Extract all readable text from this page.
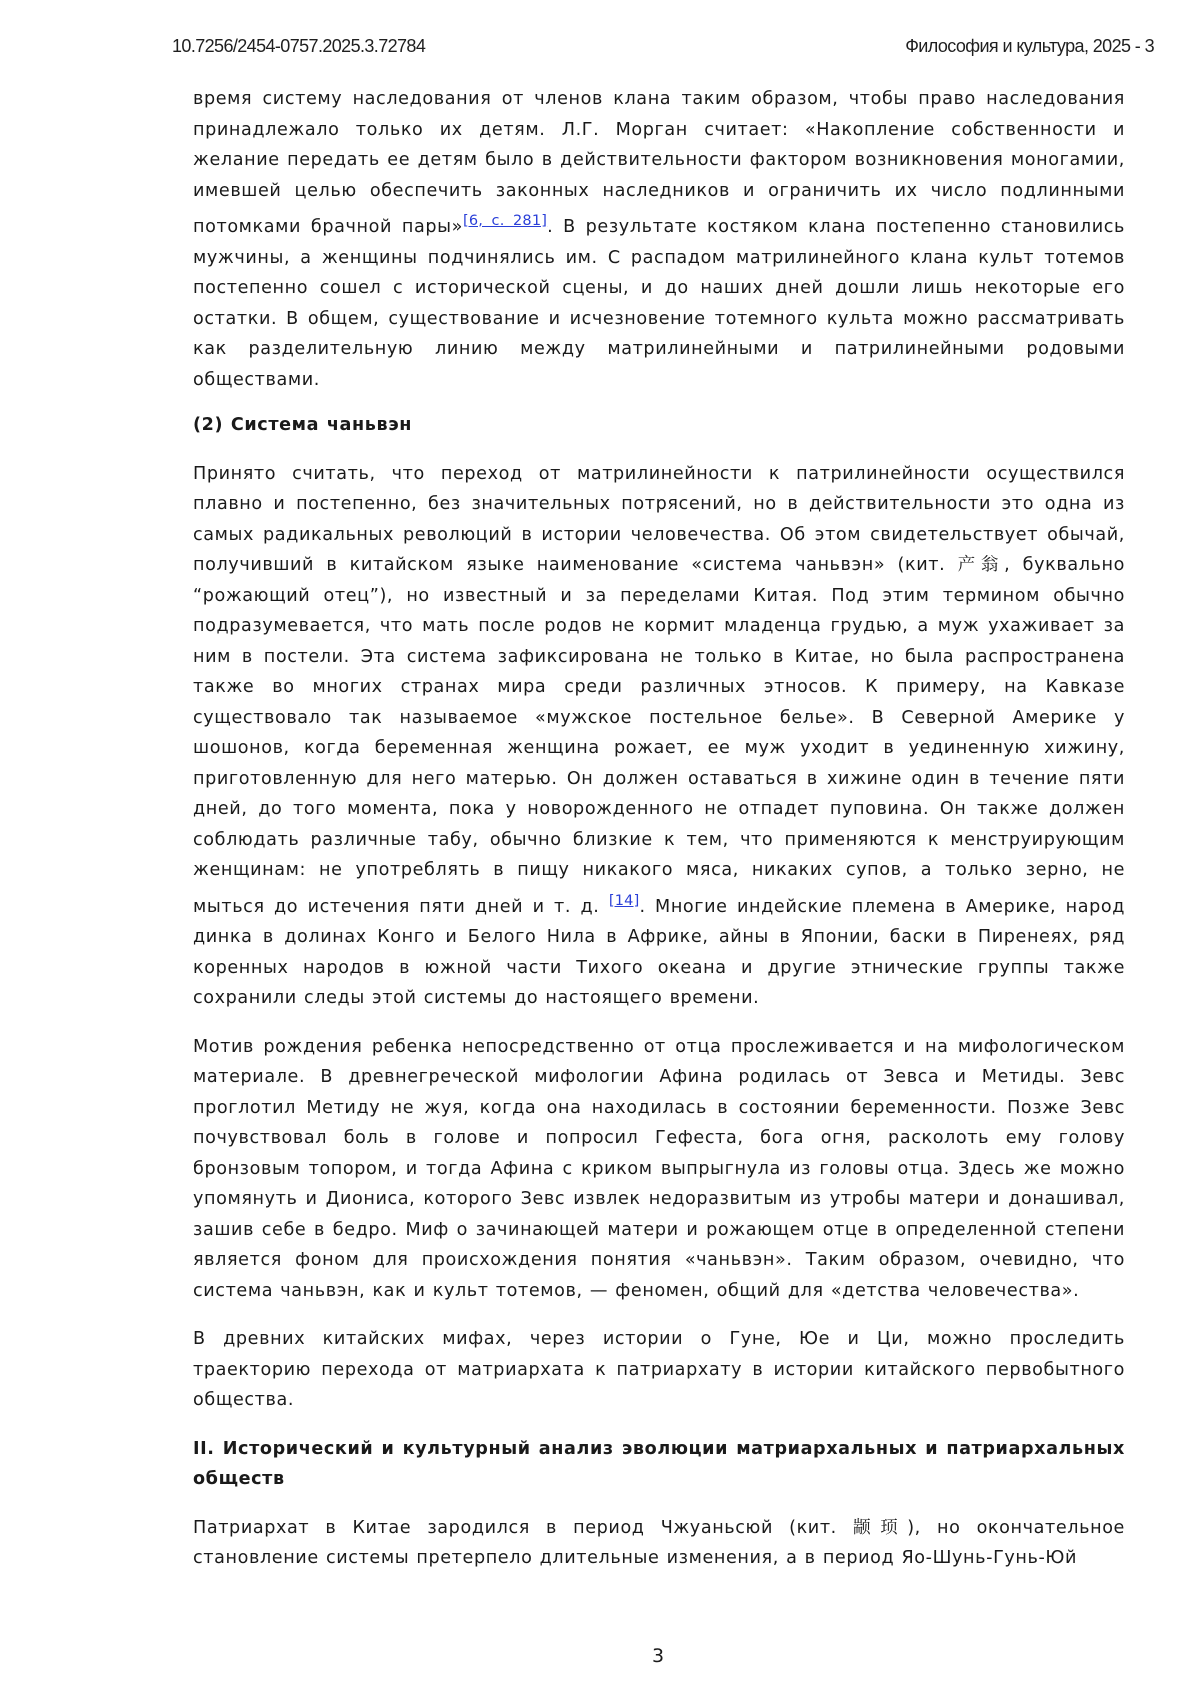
10.7256/2454-0757.2025.3.72784	Философия и культура, 2025 - 3

время систему наследования от членов клана таким образом, чтобы право наследования принадлежало только их детям. Л.Г. Морган считает: «Накопление собственности и желание передать ее детям было в действительности фактором возникновения моногамии, имевшей целью обеспечить законных наследников и ограничить их число подлинными потомками брачной пары»[6, с. 281]. В результате костяком клана постепенно становились мужчины, а женщины подчинялись им. С распадом матрилинейного клана культ тотемов постепенно сошел с исторической сцены, и до наших дней дошли лишь некоторые его остатки. В общем, существование и исчезновение тотемного культа можно рассматривать как разделительную линию между матрилинейными и патрилинейными родовыми обществами.

(2) Система чаньвэн

Принято считать, что переход от матрилинейности к патрилинейности осуществился плавно и постепенно, без значительных потрясений, но в действительности это одна из самых радикальных революций в истории человечества. Об этом свидетельствует обычай, получивший в китайском языке наименование «система чаньвэн» (кит. 产翁, буквально “рожающий отец”), но известный и за переделами Китая. Под этим термином обычно подразумевается, что мать после родов не кормит младенца грудью, а муж ухаживает за ним в постели. Эта система зафиксирована не только в Китае, но была распространена также во многих странах мира среди различных этносов. К примеру, на Кавказе существовало так называемое «мужское постельное белье». В Северной Америке у шошонов, когда беременная женщина рожает, ее муж уходит в уединенную хижину, приготовленную для него матерью. Он должен оставаться в хижине один в течение пяти дней, до того момента, пока у новорожденного не отпадет пуповина. Он также должен соблюдать различные табу, обычно близкие к тем, что применяются к менструирующим женщинам: не употреблять в пищу никакого мяса, никаких супов, а только зерно, не мыться до истечения пяти дней и т. д. [14]. Многие индейские племена в Америке, народ динка в долинах Конго и Белого Нила в Африке, айны в Японии, баски в Пиренеях, ряд коренных народов в южной части Тихого океана и другие этнические группы также сохранили следы этой системы до настоящего времени.

Мотив рождения ребенка непосредственно от отца прослеживается и на мифологическом материале. В древнегреческой мифологии Афина родилась от Зевса и Метиды. Зевс проглотил Метиду не жуя, когда она находилась в состоянии беременности. Позже Зевс почувствовал боль в голове и попросил Гефеста, бога огня, расколоть ему голову бронзовым топором, и тогда Афина с криком выпрыгнула из головы отца. Здесь же можно упомянуть и Диониса, которого Зевс извлек недоразвитым из утробы матери и донашивал, зашив себе в бедро. Миф о зачинающей матери и рожающем отце в определенной степени является фоном для происхождения понятия «чаньвэн». Таким образом, очевидно, что система чаньвэн, как и культ тотемов, — феномен, общий для «детства человечества».

В древних китайских мифах, через истории о Гуне, Юе и Ци, можно проследить траекторию перехода от матриархата к патриархату в истории китайского первобытного общества.

II. Исторический и культурный анализ эволюции матриархальных и патриархальных обществ

Патриархат в Китае зародился в период Чжуаньсюй (кит. 颛顼), но окончательное становление системы претерпело длительные изменения, а в период Яо-Шунь-Гунь-Юй

3
